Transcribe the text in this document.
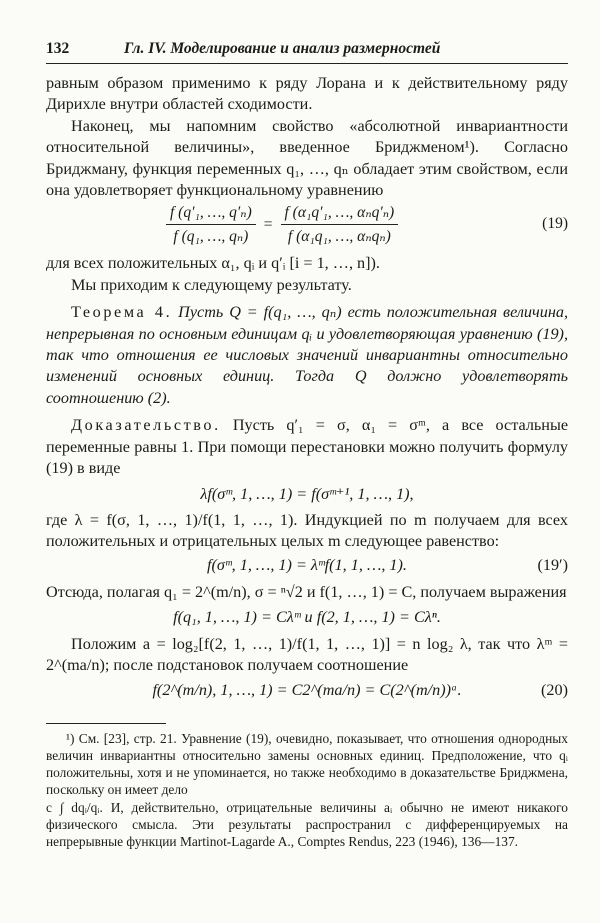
132	Гл. IV. Моделирование и анализ размерностей

равным образом применимо к ряду Лорана и к действительному ряду Дирихле внутри областей сходимости.

Наконец, мы напомним свойство «абсолютной инвариантности относительной величины», введенное Бриджменом¹). Согласно Бриджману, функция переменных q₁, …, qₙ обладает этим свойством, если она удовлетворяет функциональному уравнению

$\frac{\text{f (q′₁, …, q′ₙ)}}{\text{f (q₁, …, qₙ)}} = \frac{\text{f (α₁q′₁, …, αₙq′ₙ)}}{\text{f (α₁q₁, …, αₙqₙ)}}$	(19)

для всех положительных α₁, qᵢ и q′ᵢ [i = 1, …, n]).

Мы приходим к следующему результату.

Теорема 4. Пусть Q = f(q₁, …, qₙ) есть положительная величина, непрерывная по основным единицам qᵢ и удовлетворяющая уравнению (19), так что отношения ее числовых значений инвариантны относительно изменений основных единиц. Тогда Q должно удовлетворять соотношению (2).

Доказательство. Пусть q′₁ = σ, α₁ = σᵐ, а все остальные переменные равны 1. При помощи перестановки можно получить формулу (19) в виде

λf(σᵐ, 1, …, 1) = f(σᵐ⁺¹, 1, …, 1),

где λ = f(σ, 1, …, 1)/f(1, 1, …, 1). Индукцией по m получаем для всех положительных и отрицательных целых m следующее равенство:

f(σᵐ, 1, …, 1) = λᵐf(1, 1, …, 1).	(19′)

Отсюда, полагая q₁ = 2^(m/n), σ = ⁿ√2 и f(1, …, 1) = C, получаем выражения

f(q₁, 1, …, 1) = Cλᵐ и f(2, 1, …, 1) = Cλⁿ.

Положим a = log₂[f(2, 1, …, 1)/f(1, 1, …, 1)] = n log₂ λ, так что λᵐ = 2^(ma/n); после подстановок получаем соотношение

f(2^(m/n), 1, …, 1) = C2^(ma/n) = C(2^(m/n))ᵃ.	(20)

¹) См. [23], стр. 21. Уравнение (19), очевидно, показывает, что отношения однородных величин инвариантны относительно замены основных единиц. Предположение, что qᵢ положительны, хотя и не упоминается, но также необходимо в доказательстве Бриджмена, поскольку он имеет дело

с ∫ dqᵢ/qᵢ. И, действительно, отрицательные величины aᵢ обычно не имеют никакого физического смысла. Эти результаты распространил с дифференцируемых на непрерывные функции Martinot-Lagarde A., Comptes Rendus, 223 (1946), 136—137.
